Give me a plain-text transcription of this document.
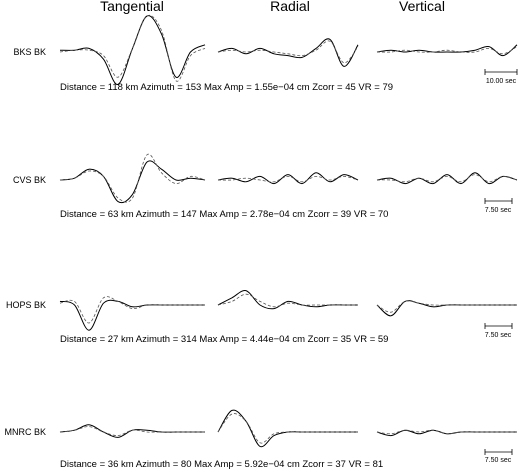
Tangential	Radial	Vertical
BKS BK
Distance = 118 km Azimuth = 153 Max Amp = 1.55e−04 cm Zcorr = 45 VR = 79
10.00 sec
CVS BK
Distance = 63 km Azimuth = 147 Max Amp = 2.78e−04 cm Zcorr = 39 VR = 70	7.50 sec
HOPS BK
Distance = 27 km Azimuth = 314 Max Amp = 4.44e−04 cm Zcorr = 35 VR = 59	7.50 sec
MNRC BK
Distance = 36 km Azimuth = 80 Max Amp = 5.92e−04 cm Zcorr = 37 VR = 81	7.50 sec
